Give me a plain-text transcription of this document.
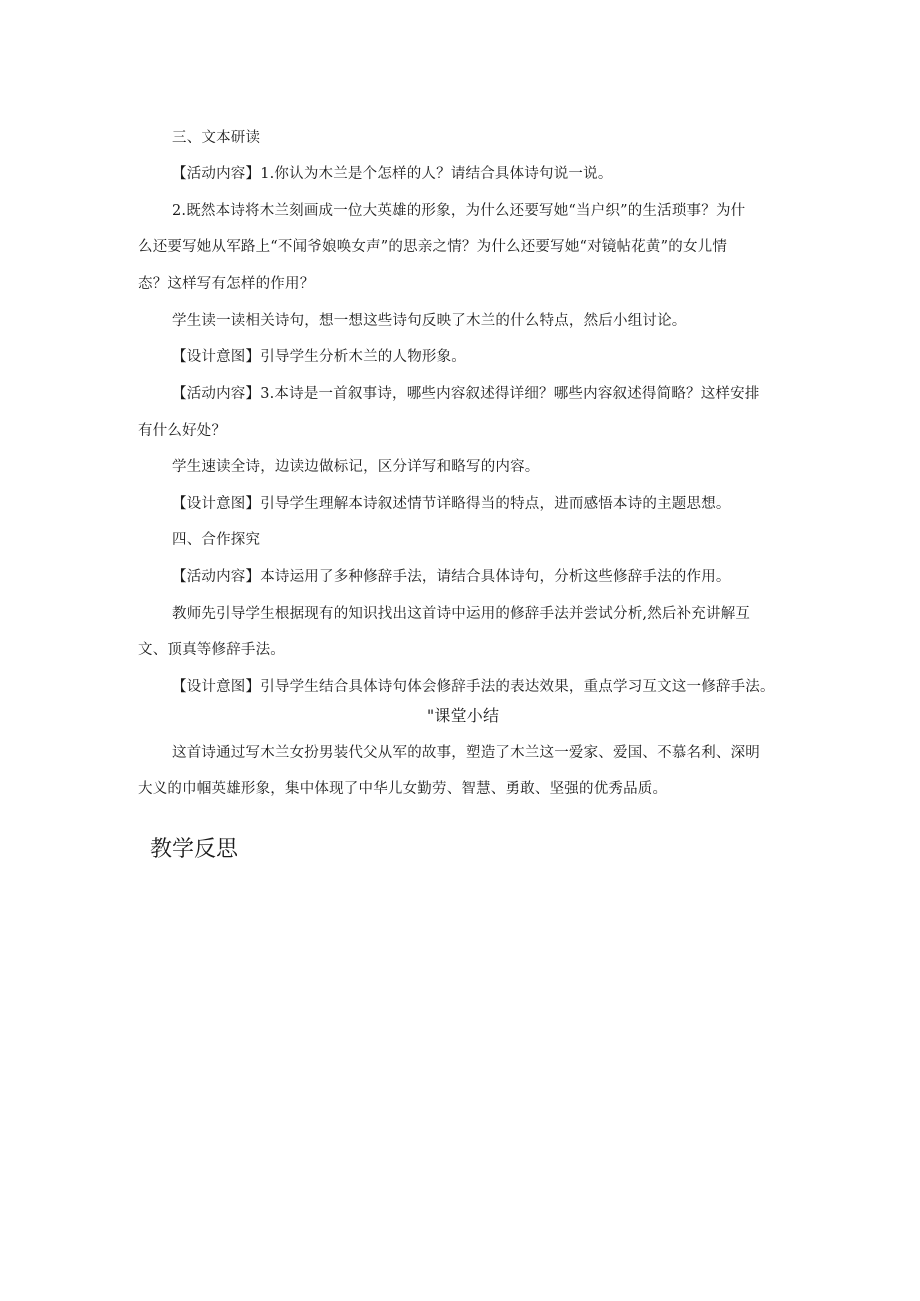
三、文本研读
【活动内容】1.你认为木兰是个怎样的人？请结合具体诗句说一说。
2.既然本诗将木兰刻画成一位大英雄的形象，为什么还要写她“当户织”的生活琐事？为什
么还要写她从军路上“不闻爷娘唤女声”的思亲之情？为什么还要写她“对镜帖花黄”的女儿情
态？这样写有怎样的作用？
学生读一读相关诗句，想一想这些诗句反映了木兰的什么特点，然后小组讨论。
【设计意图】引导学生分析木兰的人物形象。
【活动内容】3.本诗是一首叙事诗，哪些内容叙述得详细？哪些内容叙述得简略？这样安排
有什么好处？
学生速读全诗，边读边做标记，区分详写和略写的内容。
【设计意图】引导学生理解本诗叙述情节详略得当的特点，进而感悟本诗的主题思想。
四、合作探究
【活动内容】本诗运用了多种修辞手法，请结合具体诗句，分析这些修辞手法的作用。
教师先引导学生根据现有的知识找出这首诗中运用的修辞手法并尝试分析,然后补充讲解互
文、顶真等修辞手法。
【设计意图】引导学生结合具体诗句体会修辞手法的表达效果，重点学习互文这一修辞手法。
"课堂小结
这首诗通过写木兰女扮男装代父从军的故事，塑造了木兰这一爱家、爱国、不慕名利、深明
大义的巾帼英雄形象，集中体现了中华儿女勤劳、智慧、勇敢、坚强的优秀品质。
教学反思
